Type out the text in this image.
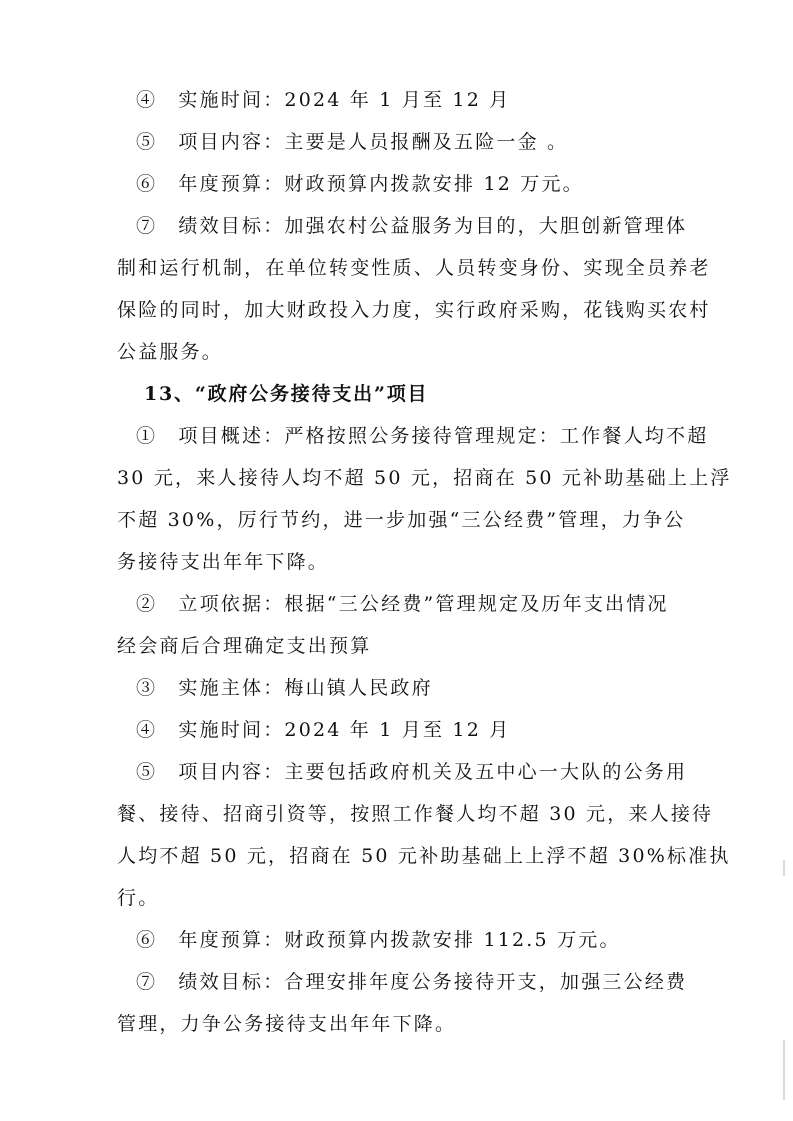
④　实施时间：2024 年 1 月至 12 月
⑤　项目内容：主要是人员报酬及五险一金 。
⑥　年度预算：财政预算内拨款安排 12 万元。
⑦　绩效目标：加强农村公益服务为目的，大胆创新管理体
制和运行机制，在单位转变性质、人员转变身份、实现全员养老
保险的同时，加大财政投入力度，实行政府采购，花钱购买农村
公益服务。
13、“政府公务接待支出”项目
①　项目概述：严格按照公务接待管理规定：工作餐人均不超
30 元，来人接待人均不超 50 元，招商在 50 元补助基础上上浮
不超 30%，厉行节约，进一步加强“三公经费”管理，力争公
务接待支出年年下降。
②　立项依据：根据“三公经费”管理规定及历年支出情况
经会商后合理确定支出预算
③　实施主体：梅山镇人民政府
④　实施时间：2024 年 1 月至 12 月
⑤　项目内容：主要包括政府机关及五中心一大队的公务用
餐、接待、招商引资等，按照工作餐人均不超 30 元，来人接待
人均不超 50 元，招商在 50 元补助基础上上浮不超 30%标准执
行。
⑥　年度预算：财政预算内拨款安排 112.5 万元。
⑦　绩效目标：合理安排年度公务接待开支，加强三公经费
管理，力争公务接待支出年年下降。
